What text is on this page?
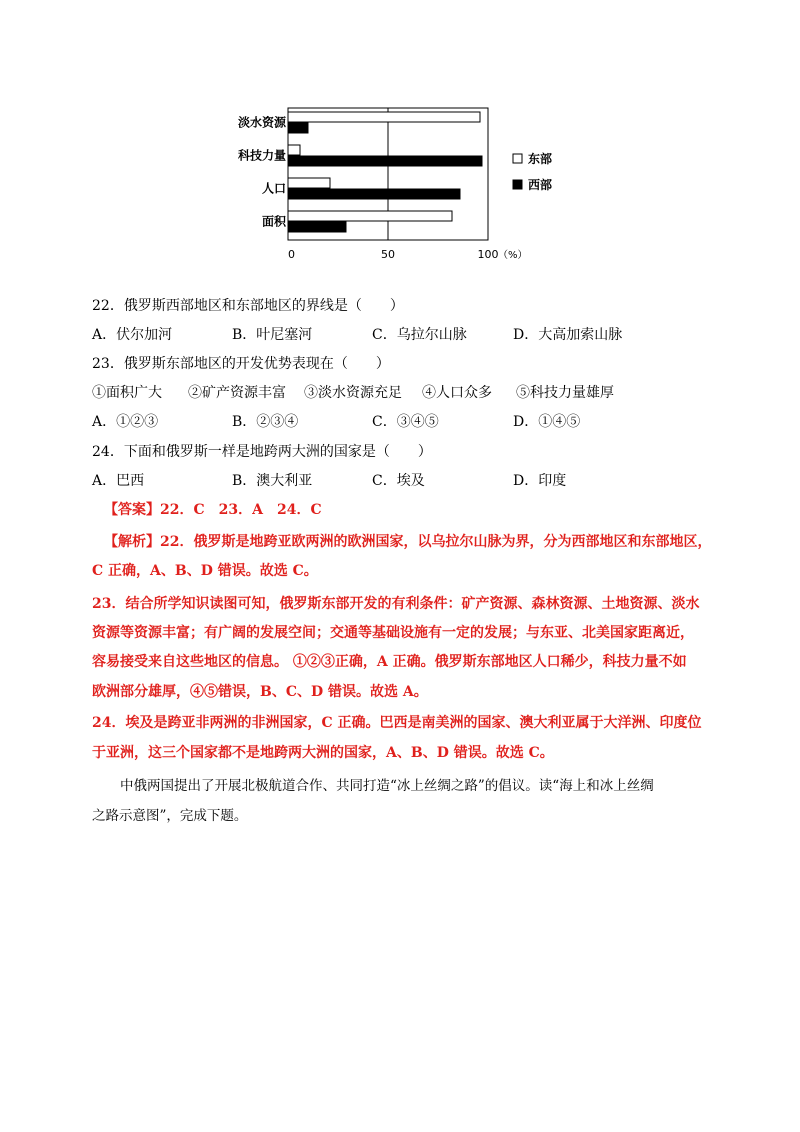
淡水资源
科技力量
人口
面积
0	50	100 （%）
东部
西部
22．俄罗斯西部地区和东部地区的界线是（　　）
A．伏尔加河	B．叶尼塞河	C．乌拉尔山脉	D．大高加索山脉
23．俄罗斯东部地区的开发优势表现在（　　）
①面积广大 ②矿产资源丰富 ③淡水资源充足 ④人口众多 ⑤科技力量雄厚
A．①②③	B．②③④	C．③④⑤	D．①④⑤
24．下面和俄罗斯一样是地跨两大洲的国家是（　　）
A．巴西	B．澳大利亚	C．埃及	D．印度
【答案】22．C　23．A　24．C
【解析】22．俄罗斯是地跨亚欧两洲的欧洲国家，以乌拉尔山脉为界，分为西部地区和东部地区，
C 正确，A、B、D 错误。故选 C。
23．结合所学知识读图可知，俄罗斯东部开发的有利条件：矿产资源、森林资源、土地资源、淡水
资源等资源丰富；有广阔的发展空间；交通等基础设施有一定的发展；与东亚、北美国家距离近，
容易接受来自这些地区的信息。 ①②③正确，A 正确。俄罗斯东部地区人口稀少，科技力量不如
欧洲部分雄厚，④⑤错误，B、C、D 错误。故选 A。
24．埃及是跨亚非两洲的非洲国家，C 正确。巴西是南美洲的国家、澳大利亚属于大洋洲、印度位
于亚洲，这三个国家都不是地跨两大洲的国家，A、B、D 错误。故选 C。
中俄两国提出了开展北极航道合作、共同打造“冰上丝绸之路”的倡议。读“海上和冰上丝绸
之路示意图”，完成下题。
